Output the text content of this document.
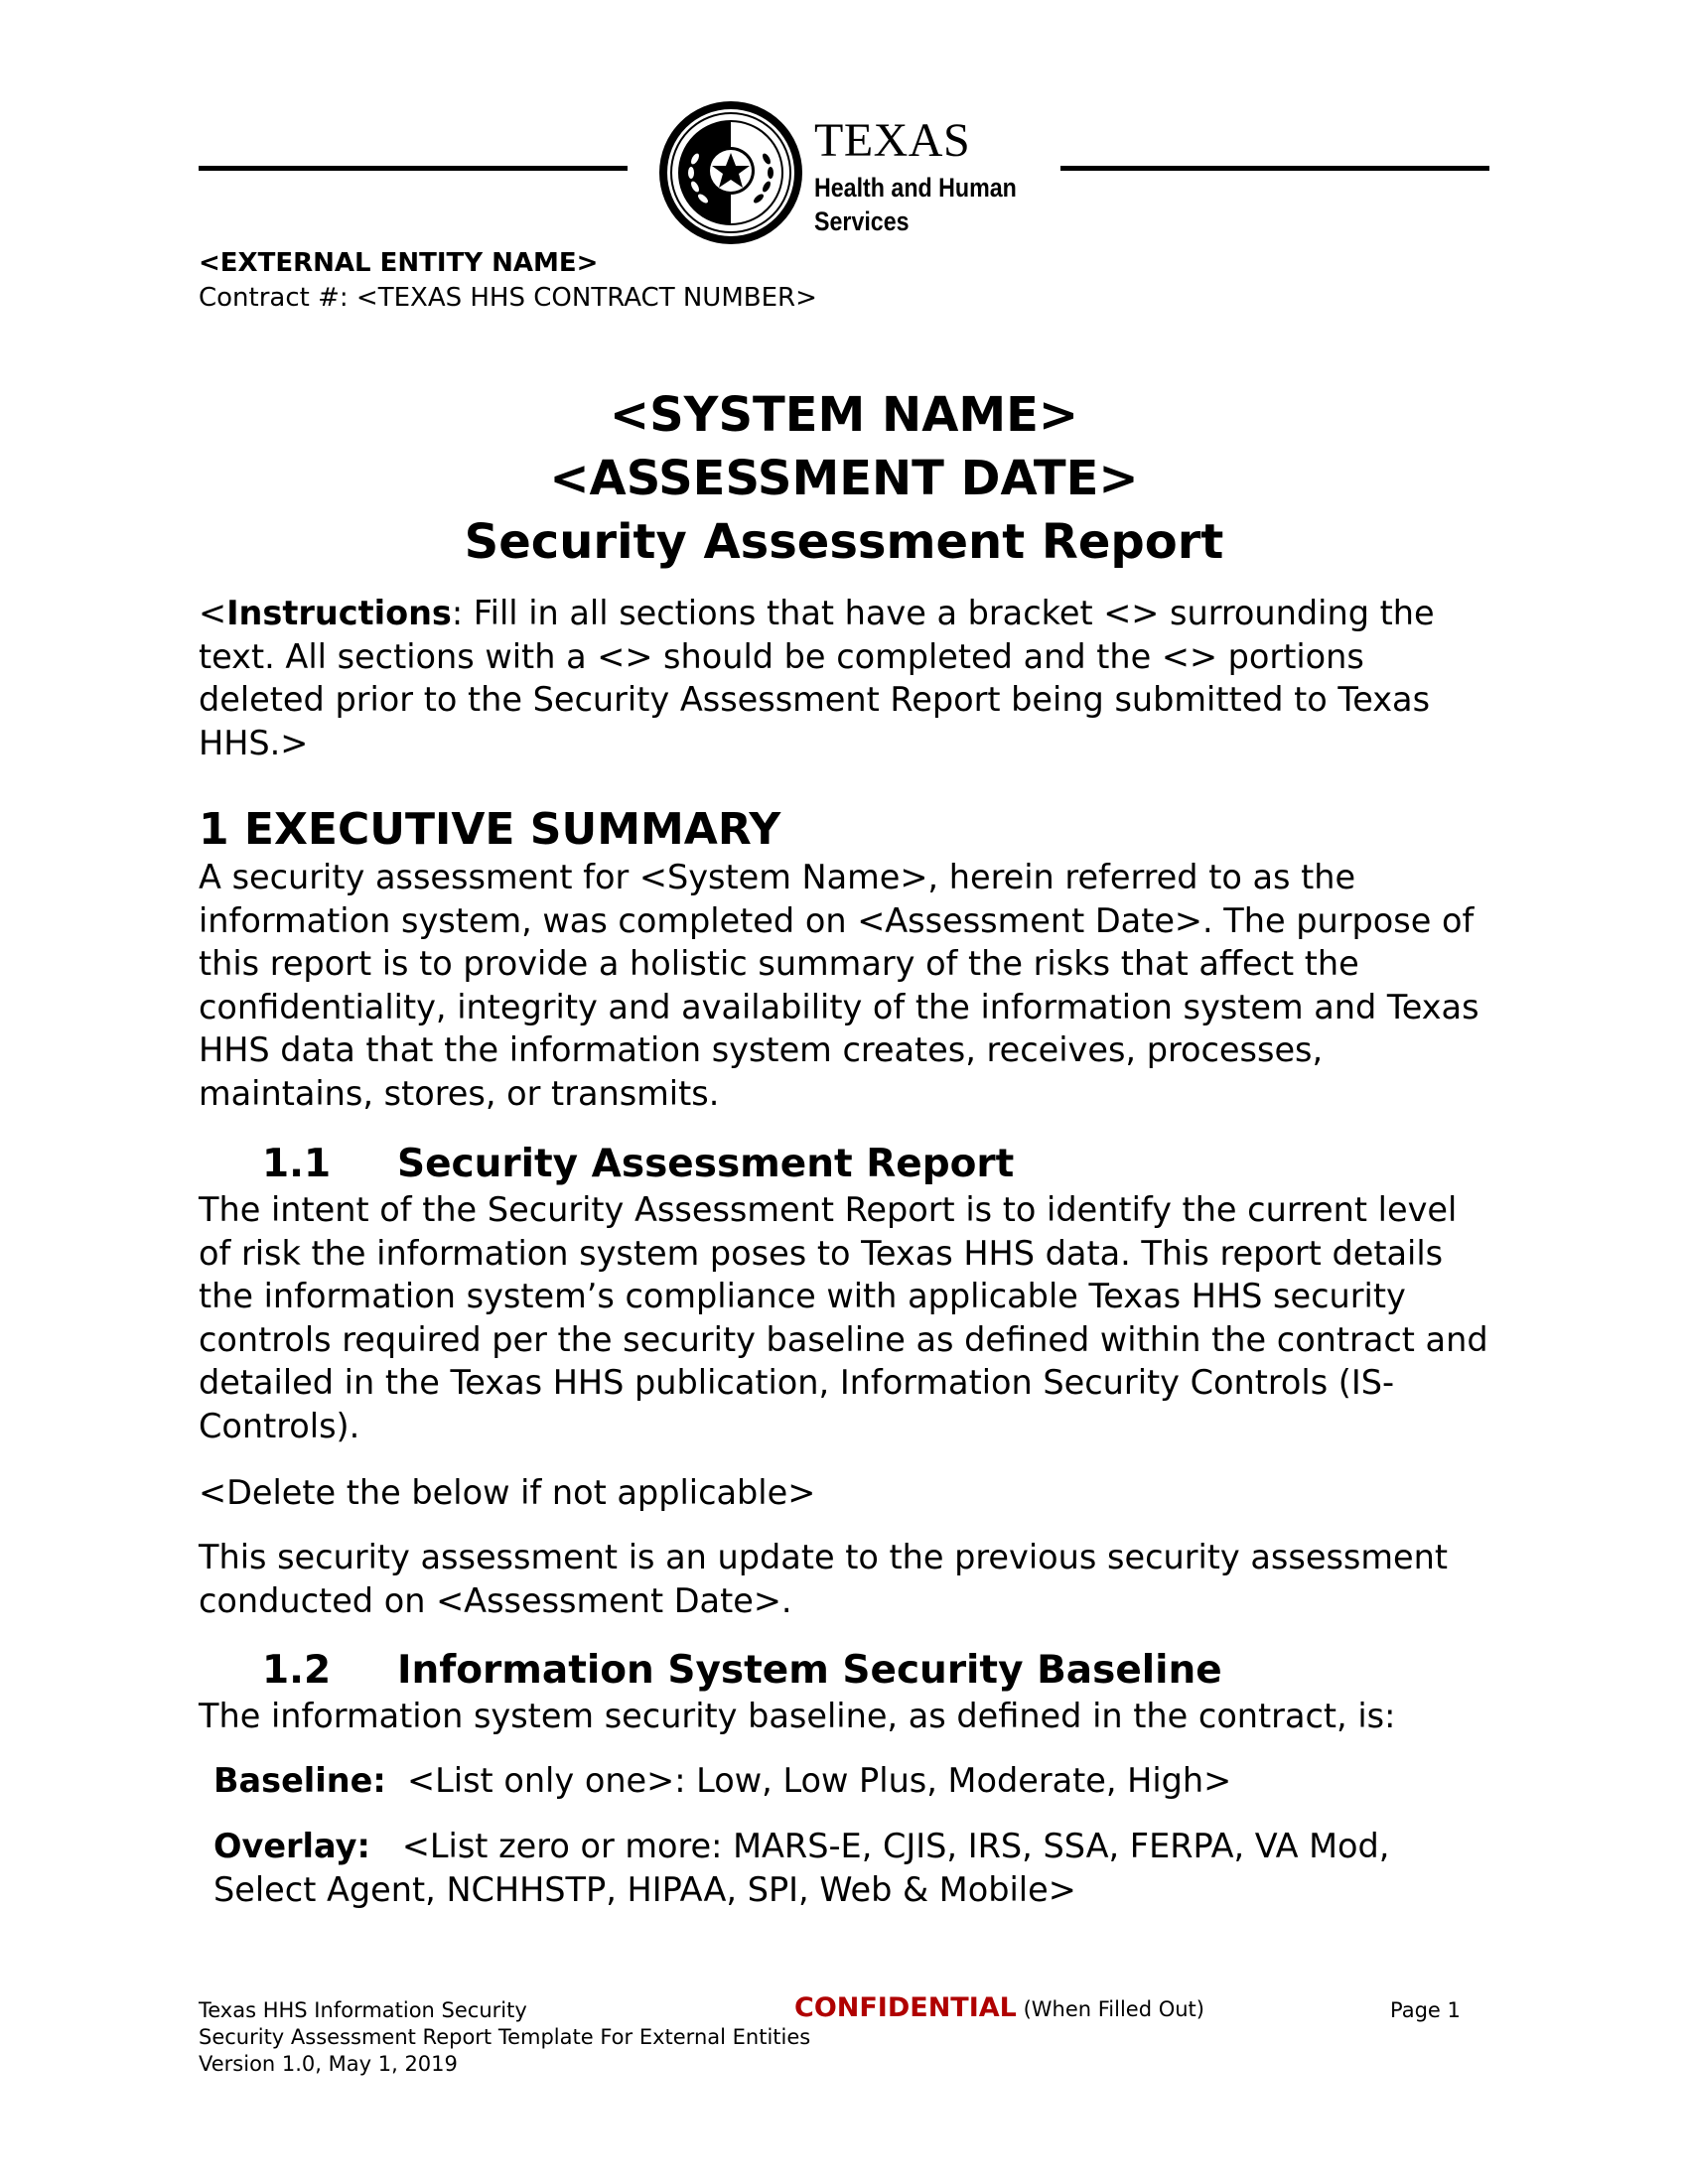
TEXAS
Health and Human
Services
<EXTERNAL ENTITY NAME>
Contract #: <TEXAS HHS CONTRACT NUMBER>
<SYSTEM NAME>
<ASSESSMENT DATE>
Security Assessment Report
<Instructions: Fill in all sections that have a bracket <> surrounding the text. All sections with a <> should be completed and the <> portions deleted prior to the Security Assessment Report being submitted to Texas HHS.>
1 EXECUTIVE SUMMARY
A security assessment for <System Name>, herein referred to as the information system, was completed on <Assessment Date>. The purpose of this report is to provide a holistic summary of the risks that affect the confidentiality, integrity and availability of the information system and Texas HHS data that the information system creates, receives, processes, maintains, stores, or transmits.
1.1 Security Assessment Report
The intent of the Security Assessment Report is to identify the current level of risk the information system poses to Texas HHS data. This report details the information system’s compliance with applicable Texas HHS security controls required per the security baseline as defined within the contract and detailed in the Texas HHS publication, Information Security Controls (IS-Controls).
<Delete the below if not applicable>
This security assessment is an update to the previous security assessment conducted on <Assessment Date>.
1.2 Information System Security Baseline
The information system security baseline, as defined in the contract, is:
Baseline: <List only one>: Low, Low Plus, Moderate, High>
Overlay: <List zero or more: MARS-E, CJIS, IRS, SSA, FERPA, VA Mod, Select Agent, NCHHSTP, HIPAA, SPI, Web & Mobile>
Texas HHS Information Security
Security Assessment Report Template For External Entities
Version 1.0, May 1, 2019
CONFIDENTIAL (When Filled Out)	Page 1
